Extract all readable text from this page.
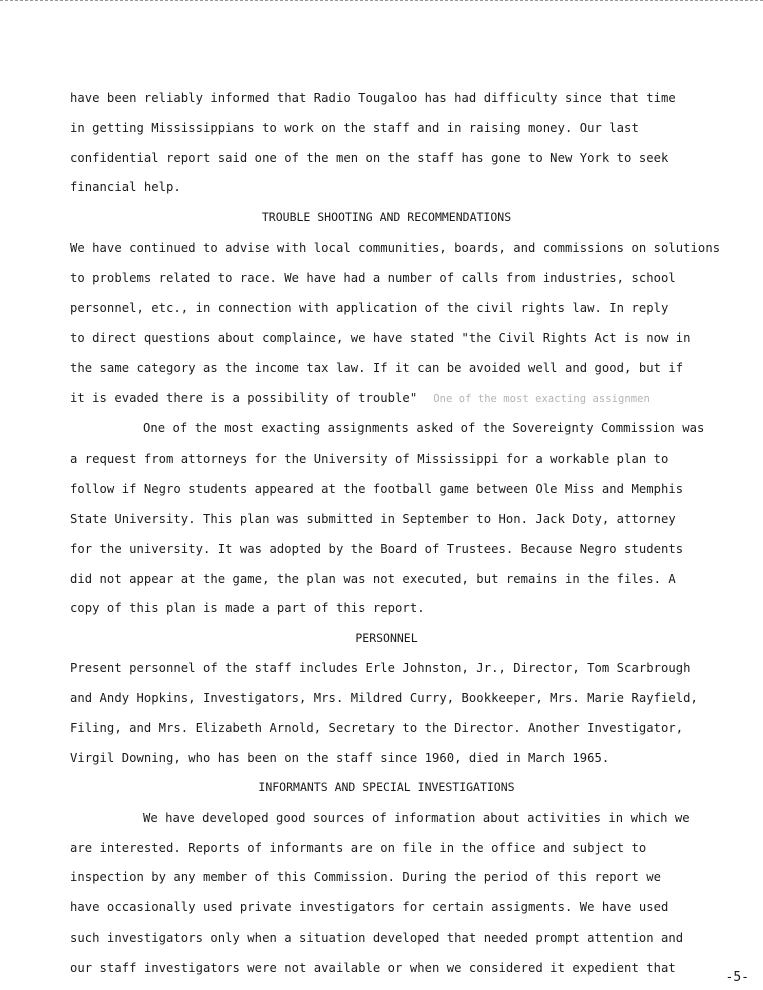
have been reliably informed that Radio Tougaloo has had difficulty since that time
in getting Mississippians to work on the staff and in raising money. Our last
confidential report said one of the men on the staff has gone to New York to seek
financial help.
TROUBLE SHOOTING AND RECOMMENDATIONS
We have continued to advise with local communities, boards, and commissions on solutions
to problems related to race. We have had a number of calls from industries, school
personnel, etc., in connection with application of the civil rights law. In reply
to direct questions about complaince, we have stated "the Civil Rights Act is now in
the same category as the income tax law. If it can be avoided well and good, but if
it is evaded there is a possibility of trouble" One of the most exacting assignmen
One of the most exacting assignments asked of the Sovereignty Commission was
a request from attorneys for the University of Mississippi for a workable plan to
follow if Negro students appeared at the football game between Ole Miss and Memphis
State University. This plan was submitted in September to Hon. Jack Doty, attorney
for the university. It was adopted by the Board of Trustees. Because Negro students
did not appear at the game, the plan was not executed, but remains in the files. A
copy of this plan is made a part of this report.
PERSONNEL
Present personnel of the staff includes Erle Johnston, Jr., Director, Tom Scarbrough
and Andy Hopkins, Investigators, Mrs. Mildred Curry, Bookkeeper, Mrs. Marie Rayfield,
Filing, and Mrs. Elizabeth Arnold, Secretary to the Director. Another Investigator,
Virgil Downing, who has been on the staff since 1960, died in March 1965.
INFORMANTS AND SPECIAL INVESTIGATIONS
We have developed good sources of information about activities in which we
are interested. Reports of informants are on file in the office and subject to
inspection by any member of this Commission. During the period of this report we
have occasionally used private investigators for certain assigments. We have used
such investigators only when a situation developed that needed prompt attention and
our staff investigators were not available or when we considered it expedient that
-5-
